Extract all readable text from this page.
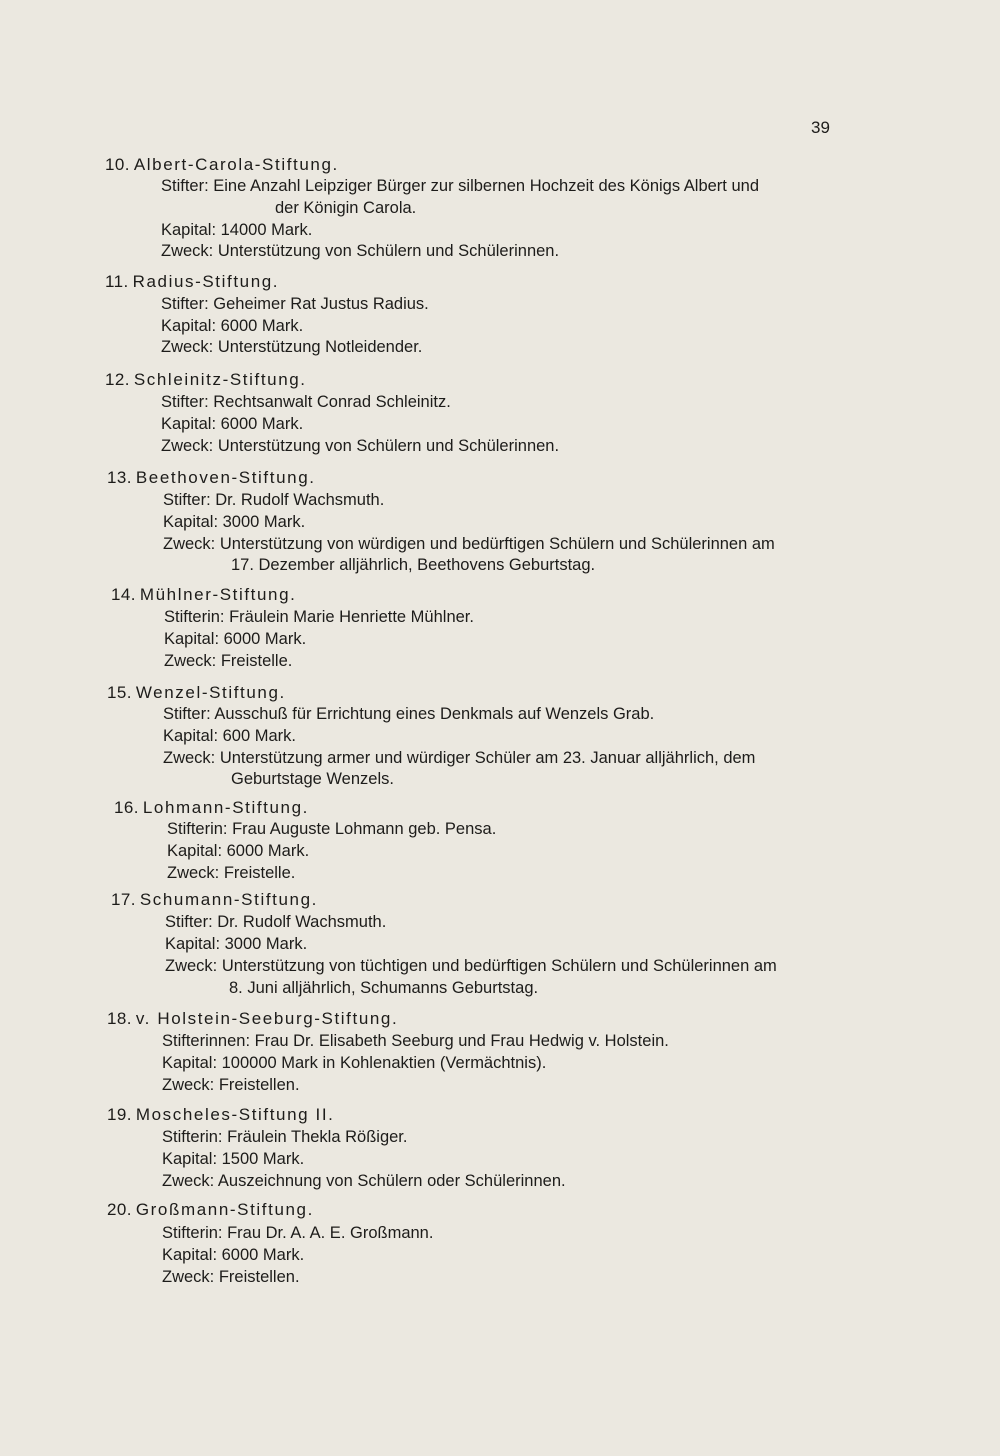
39
10. Albert-Carola-Stiftung.
Stifter: Eine Anzahl Leipziger Bürger zur silbernen Hochzeit des Königs Albert und
der Königin Carola.
Kapital: 14000 Mark.
Zweck: Unterstützung von Schülern und Schülerinnen.
11. Radius-Stiftung.
Stifter: Geheimer Rat Justus Radius.
Kapital: 6000 Mark.
Zweck: Unterstützung Notleidender.
12. Schleinitz-Stiftung.
Stifter: Rechtsanwalt Conrad Schleinitz.
Kapital: 6000 Mark.
Zweck: Unterstützung von Schülern und Schülerinnen.
13. Beethoven-Stiftung.
Stifter: Dr. Rudolf Wachsmuth.
Kapital: 3000 Mark.
Zweck: Unterstützung von würdigen und bedürftigen Schülern und Schülerinnen am
17. Dezember alljährlich, Beethovens Geburtstag.
14. Mühlner-Stiftung.
Stifterin: Fräulein Marie Henriette Mühlner.
Kapital: 6000 Mark.
Zweck: Freistelle.
15. Wenzel-Stiftung.
Stifter: Ausschuß für Errichtung eines Denkmals auf Wenzels Grab.
Kapital: 600 Mark.
Zweck: Unterstützung armer und würdiger Schüler am 23. Januar alljährlich, dem
Geburtstage Wenzels.
16. Lohmann-Stiftung.
Stifterin: Frau Auguste Lohmann geb. Pensa.
Kapital: 6000 Mark.
Zweck: Freistelle.
17. Schumann-Stiftung.
Stifter: Dr. Rudolf Wachsmuth.
Kapital: 3000 Mark.
Zweck: Unterstützung von tüchtigen und bedürftigen Schülern und Schülerinnen am
8. Juni alljährlich, Schumanns Geburtstag.
18. v. Holstein-Seeburg-Stiftung.
Stifterinnen: Frau Dr. Elisabeth Seeburg und Frau Hedwig v. Holstein.
Kapital: 100000 Mark in Kohlenaktien (Vermächtnis).
Zweck: Freistellen.
19. Moscheles-Stiftung II.
Stifterin: Fräulein Thekla Rößiger.
Kapital: 1500 Mark.
Zweck: Auszeichnung von Schülern oder Schülerinnen.
20. Großmann-Stiftung.
Stifterin: Frau Dr. A. A. E. Großmann.
Kapital: 6000 Mark.
Zweck: Freistellen.
